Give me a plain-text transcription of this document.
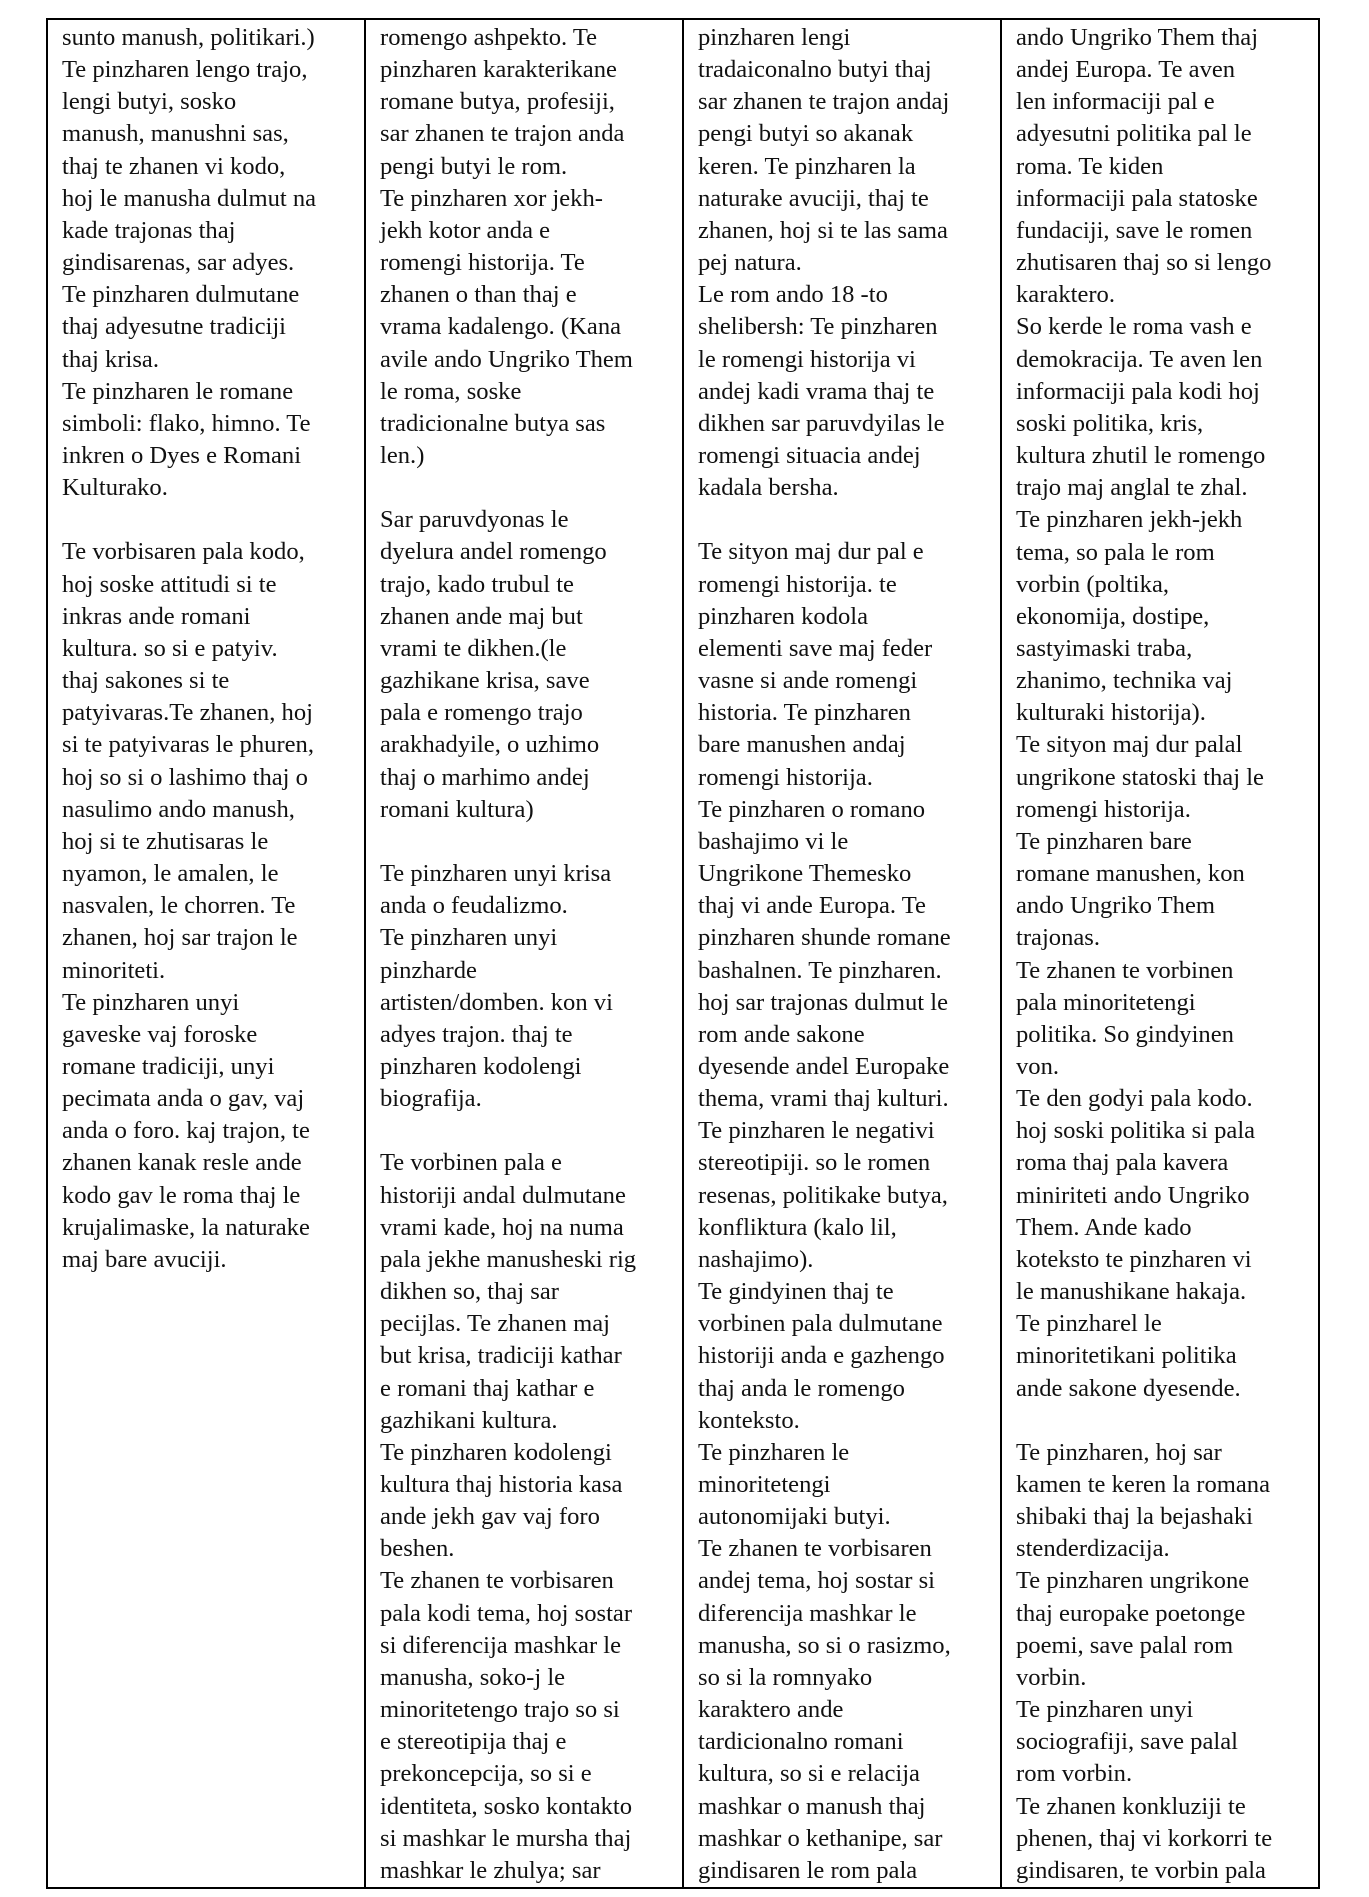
sunto manush, politikari.)
Te pinzharen lengo trajo,
lengi butyi, sosko
manush, manushni sas,
thaj te zhanen vi kodo,
hoj le manusha dulmut na
kade trajonas thaj
gindisarenas, sar adyes.
Te pinzharen dulmutane
thaj adyesutne tradiciji
thaj krisa.
Te pinzharen le romane
simboli: flako, himno. Te
inkren o Dyes e Romani
Kulturako.
Te vorbisaren pala kodo,
hoj soske attitudi si te
inkras ande romani
kultura. so si e patyiv.
thaj sakones si te
patyivaras.Te zhanen, hoj
si te patyivaras le phuren,
hoj so si o lashimo thaj o
nasulimo ando manush,
hoj si te zhutisaras le
nyamon, le amalen, le
nasvalen, le chorren. Te
zhanen, hoj sar trajon le
minoriteti.
Te pinzharen unyi
gaveske vaj foroske
romane tradiciji, unyi
pecimata anda o gav, vaj
anda o foro. kaj trajon, te
zhanen kanak resle ande
kodo gav le roma thaj le
krujalimaske, la naturake
maj bare avuciji.

romengo ashpekto. Te
pinzharen karakterikane
romane butya, profesiji,
sar zhanen te trajon anda
pengi butyi le rom.
Te pinzharen xor jekh-
jekh kotor anda e
romengi historija. Te
zhanen o than thaj e
vrama kadalengo. (Kana
avile ando Ungriko Them
le roma, soske
tradicionalne butya sas
len.)
Sar paruvdyonas le
dyelura andel romengo
trajo, kado trubul te
zhanen ande maj but
vrami te dikhen.(le
gazhikane krisa, save
pala e romengo trajo
arakhadyile, o uzhimo
thaj o marhimo andej
romani kultura)
Te pinzharen unyi krisa
anda o feudalizmo.
Te pinzharen unyi
pinzharde
artisten/domben. kon vi
adyes trajon. thaj te
pinzharen kodolengi
biografija.
Te vorbinen pala e
historiji andal dulmutane
vrami kade, hoj na numa
pala jekhe manusheski rig
dikhen so, thaj sar
pecijlas. Te zhanen maj
but krisa, tradiciji kathar
e romani thaj kathar e
gazhikani kultura.
Te pinzharen kodolengi
kultura thaj historia kasa
ande jekh gav vaj foro
beshen.
Te zhanen te vorbisaren
pala kodi tema, hoj sostar
si diferencija mashkar le
manusha, soko-j le
minoritetengo trajo so si
e stereotipija thaj e
prekoncepcija, so si e
identiteta, sosko kontakto
si mashkar le mursha thaj
mashkar le zhulya; sar

pinzharen lengi
tradaiconalno butyi thaj
sar zhanen te trajon andaj
pengi butyi so akanak
keren. Te pinzharen la
naturake avuciji, thaj te
zhanen, hoj si te las sama
pej natura.
Le rom ando 18 -to
shelibersh: Te pinzharen
le romengi historija vi
andej kadi vrama thaj te
dikhen sar paruvdyilas le
romengi situacia andej
kadala bersha.
Te sityon maj dur pal e
romengi historija. te
pinzharen kodola
elementi save maj feder
vasne si ande romengi
historia. Te pinzharen
bare manushen andaj
romengi historija.
Te pinzharen o romano
bashajimo vi le
Ungrikone Themesko
thaj vi ande Europa. Te
pinzharen shunde romane
bashalnen. Te pinzharen.
hoj sar trajonas dulmut le
rom ande sakone
dyesende andel Europake
thema, vrami thaj kulturi.
Te pinzharen le negativi
stereotipiji. so le romen
resenas, politikake butya,
konfliktura (kalo lil,
nashajimo).
Te gindyinen thaj te
vorbinen pala dulmutane
historiji anda e gazhengo
thaj anda le romengo
konteksto.
Te pinzharen le
minoritetengi
autonomijaki butyi.
Te zhanen te vorbisaren
andej tema, hoj sostar si
diferencija mashkar le
manusha, so si o rasizmo,
so si la romnyako
karaktero ande
tardicionalno romani
kultura, so si e relacija
mashkar o manush thaj
mashkar o kethanipe, sar
gindisaren le rom pala

ando Ungriko Them thaj
andej Europa. Te aven
len informaciji pal e
adyesutni politika pal le
roma. Te kiden
informaciji pala statoske
fundaciji, save le romen
zhutisaren thaj so si lengo
karaktero.
So kerde le roma vash e
demokracija. Te aven len
informaciji pala kodi hoj
soski politika, kris,
kultura zhutil le romengo
trajo maj anglal te zhal.
Te pinzharen jekh-jekh
tema, so pala le rom
vorbin (poltika,
ekonomija, dostipe,
sastyimaski traba,
zhanimo, technika vaj
kulturaki historija).
Te sityon maj dur palal
ungrikone statoski thaj le
romengi historija.
Te pinzharen bare
romane manushen, kon
ando Ungriko Them
trajonas.
Te zhanen te vorbinen
pala minoritetengi
politika. So gindyinen
von.
Te den godyi pala kodo.
hoj soski politika si pala
roma thaj pala kavera
miniriteti ando Ungriko
Them. Ande kado
koteksto te pinzharen vi
le manushikane hakaja.
Te pinzharel le
minoritetikani politika
ande sakone dyesende.
Te pinzharen, hoj sar
kamen te keren la romana
shibaki thaj la bejashaki
stenderdizacija.
Te pinzharen ungrikone
thaj europake poetonge
poemi, save palal rom
vorbin.
Te pinzharen unyi
sociografiji, save palal
rom vorbin.
Te zhanen konkluziji te
phenen, thaj vi korkorri te
gindisaren, te vorbin pala
